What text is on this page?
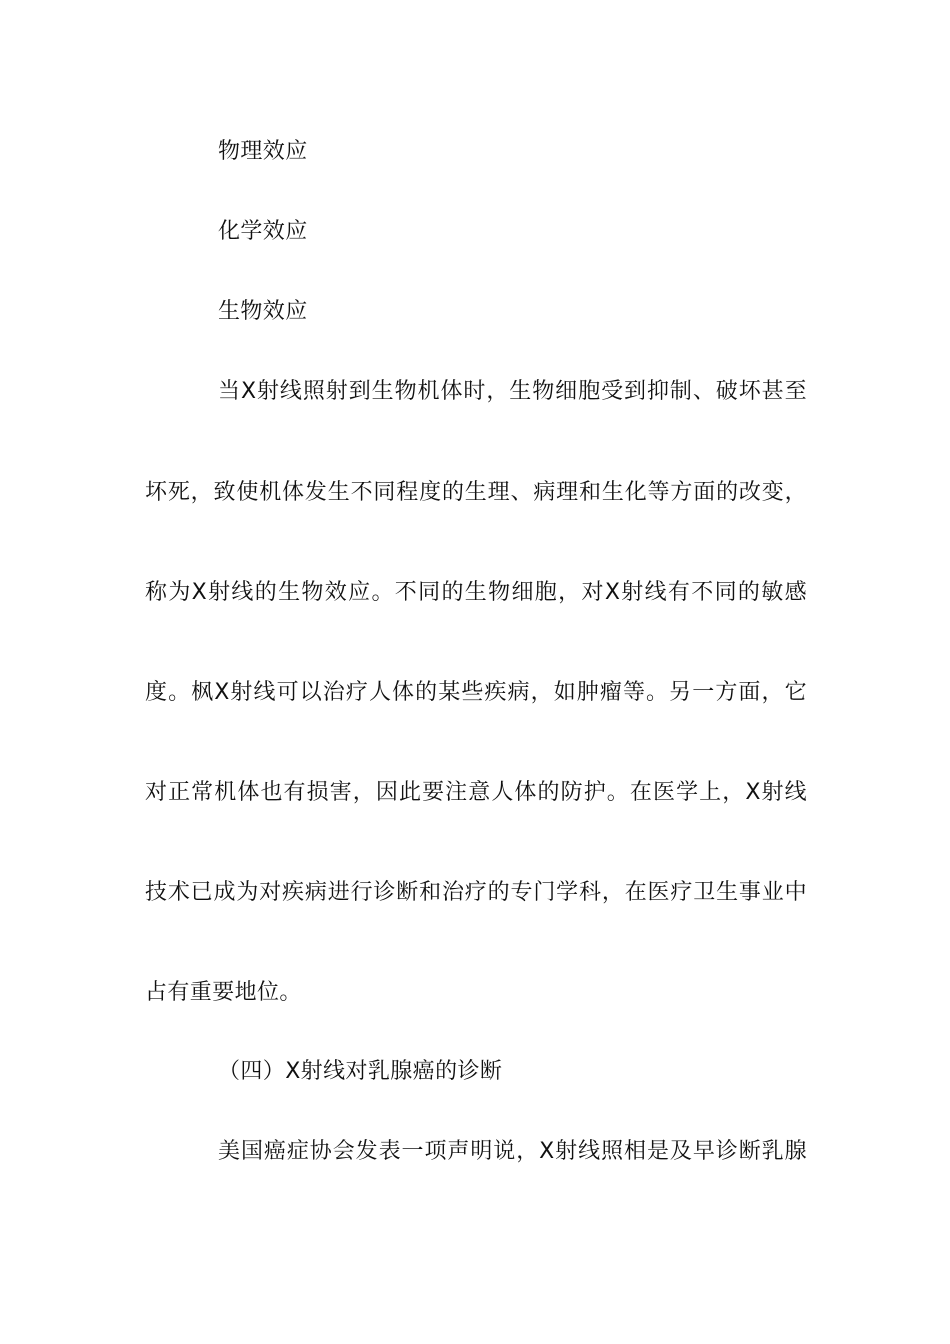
物理效应
化学效应
生物效应
当X射线照射到生物机体时，生物细胞受到抑制、破坏甚至
坏死，致使机体发生不同程度的生理、病理和生化等方面的改变，
称为X射线的生物效应。不同的生物细胞，对X射线有不同的敏感
度。枫X射线可以治疗人体的某些疾病，如肿瘤等。另一方面，它
对正常机体也有损害，因此要注意人体的防护。在医学上，X射线
技术已成为对疾病进行诊断和治疗的专门学科，在医疗卫生事业中
占有重要地位。
（四）X射线对乳腺癌的诊断
美国癌症协会发表一项声明说，X射线照相是及早诊断乳腺
